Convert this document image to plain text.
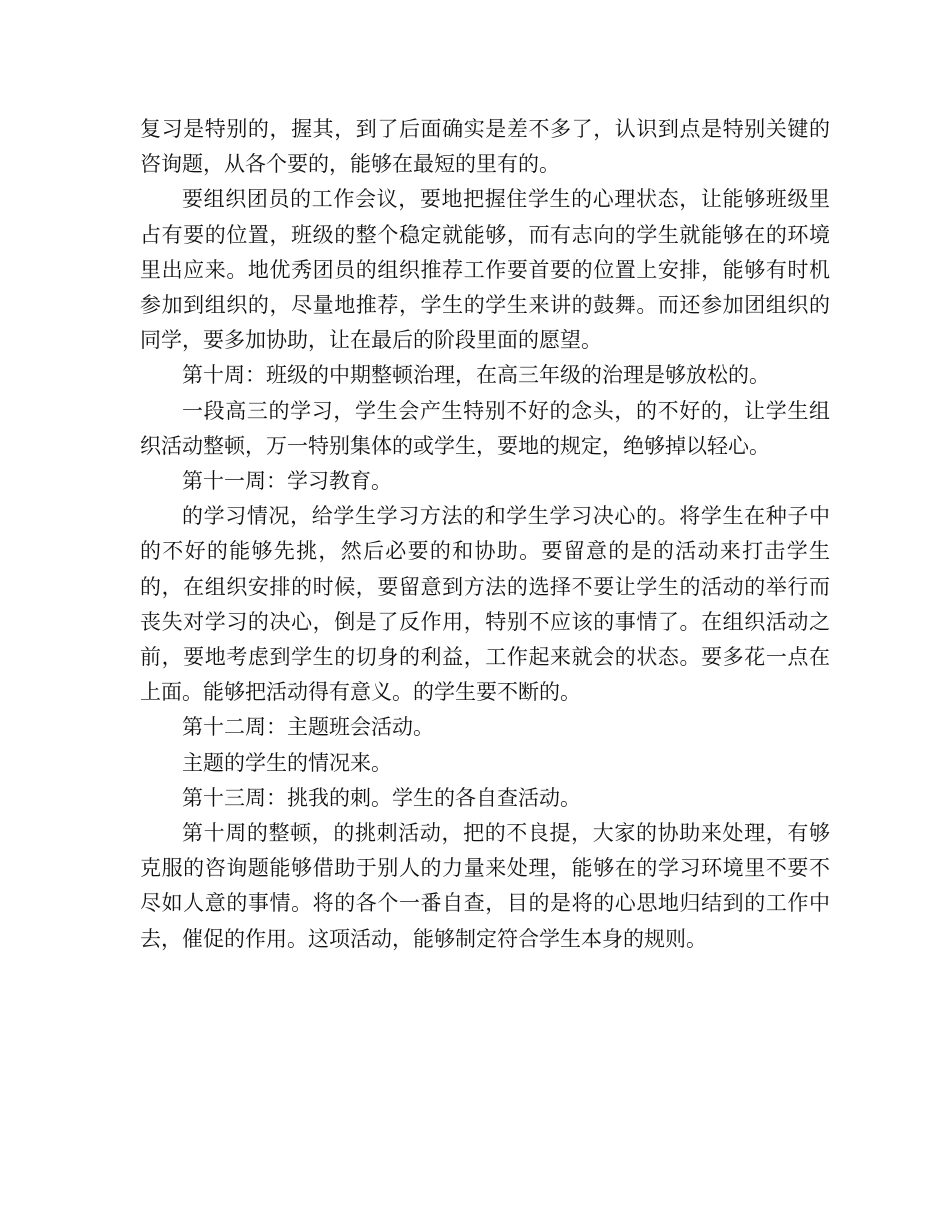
复习是特别的，握其，到了后面确实是差不多了，认识到点是特别关键的咨询题，从各个要的，能够在最短的里有的。

要组织团员的工作会议，要地把握住学生的心理状态，让能够班级里占有要的位置，班级的整个稳定就能够，而有志向的学生就能够在的环境里出应来。地优秀团员的组织推荐工作要首要的位置上安排，能够有时机参加到组织的，尽量地推荐，学生的学生来讲的鼓舞。而还参加团组织的同学，要多加协助，让在最后的阶段里面的愿望。

第十周：班级的中期整顿治理，在高三年级的治理是够放松的。

一段高三的学习，学生会产生特别不好的念头，的不好的，让学生组织活动整顿，万一特别集体的或学生，要地的规定，绝够掉以轻心。

第十一周：学习教育。

的学习情况，给学生学习方法的和学生学习决心的。将学生在种子中的不好的能够先挑，然后必要的和协助。要留意的是的活动来打击学生的，在组织安排的时候，要留意到方法的选择不要让学生的活动的举行而丧失对学习的决心，倒是了反作用，特别不应该的事情了。在组织活动之前，要地考虑到学生的切身的利益，工作起来就会的状态。要多花一点在上面。能够把活动得有意义。的学生要不断的。

第十二周：主题班会活动。

主题的学生的情况来。

第十三周：挑我的刺。学生的各自查活动。

第十周的整顿，的挑刺活动，把的不良提，大家的协助来处理，有够克服的咨询题能够借助于别人的力量来处理，能够在的学习环境里不要不尽如人意的事情。将的各个一番自查，目的是将的心思地归结到的工作中去，催促的作用。这项活动，能够制定符合学生本身的规则。
